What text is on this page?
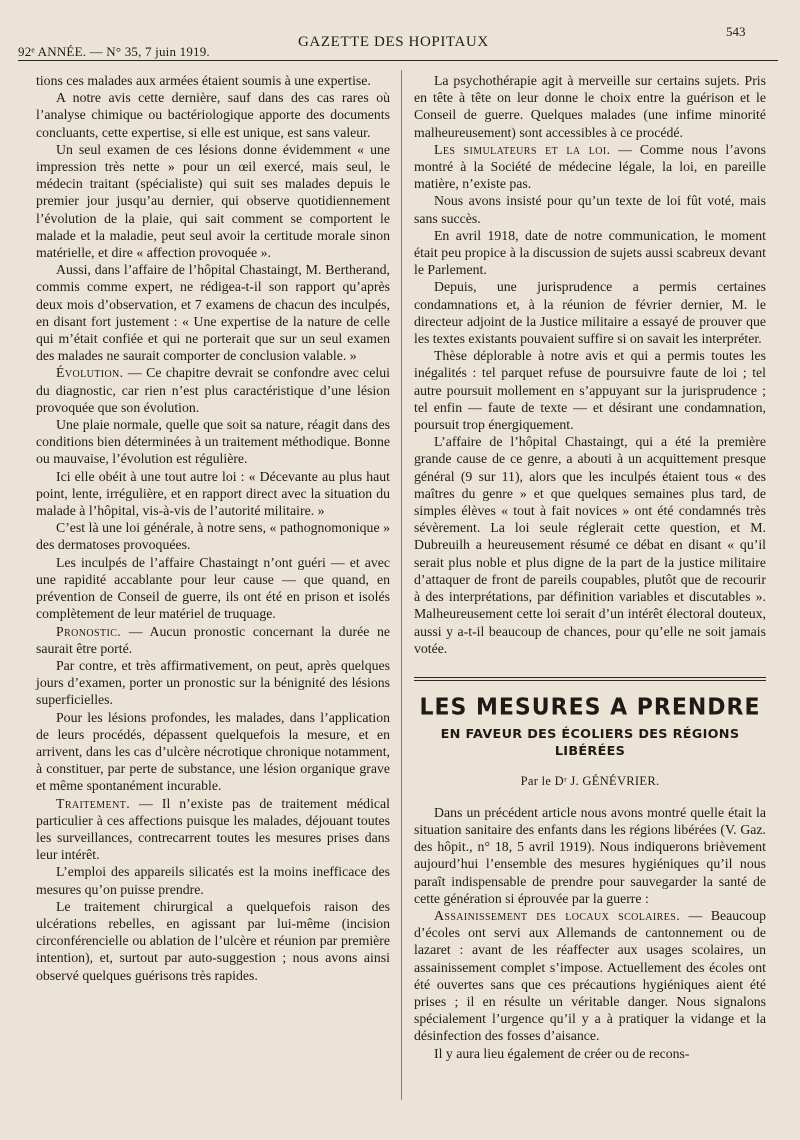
92ᵉ ANNÉE. — N° 35, 7 juin 1919.
GAZETTE DES HOPITAUX
543

tions ces malades aux armées étaient soumis à une expertise.

A notre avis cette dernière, sauf dans des cas rares où l’analyse chimique ou bactériologique apporte des documents concluants, cette expertise, si elle est unique, est sans valeur.

Un seul examen de ces lésions donne évidemment « une impression très nette » pour un œil exercé, mais seul, le médecin traitant (spécialiste) qui suit ses malades depuis le premier jour jusqu’au dernier, qui observe quotidiennement l’évolution de la plaie, qui sait comment se comportent le malade et la maladie, peut seul avoir la certitude morale sinon matérielle, et dire « affection provoquée ».

Aussi, dans l’affaire de l’hôpital Chastaingt, M. Bertherand, commis comme expert, ne rédigea-t-il son rapport qu’après deux mois d’observation, et 7 examens de chacun des inculpés, en disant fort justement : « Une expertise de la nature de celle qui m’était confiée et qui ne porterait que sur un seul examen des malades ne saurait comporter de conclusion valable. »

Évolution. — Ce chapitre devrait se confondre avec celui du diagnostic, car rien n’est plus caractéristique d’une lésion provoquée que son évolution.

Une plaie normale, quelle que soit sa nature, réagit dans des conditions bien déterminées à un traitement méthodique. Bonne ou mauvaise, l’évolution est régulière.

Ici elle obéit à une tout autre loi : « Décevante au plus haut point, lente, irrégulière, et en rapport direct avec la situation du malade à l’hôpital, vis-à-vis de l’autorité militaire. »

C’est là une loi générale, à notre sens, « pathognomonique » des dermatoses provoquées.

Les inculpés de l’affaire Chastaingt n’ont guéri — et avec une rapidité accablante pour leur cause — que quand, en prévention de Conseil de guerre, ils ont été en prison et isolés complètement de leur matériel de truquage.

Pronostic. — Aucun pronostic concernant la durée ne saurait être porté.

Par contre, et très affirmativement, on peut, après quelques jours d’examen, porter un pronostic sur la bénignité des lésions superficielles.

Pour les lésions profondes, les malades, dans l’application de leurs procédés, dépassent quelquefois la mesure, et en arrivent, dans les cas d’ulcère nécrotique chronique notamment, à constituer, par perte de substance, une lésion organique grave et même spontanément incurable.

Traitement. — Il n’existe pas de traitement médical particulier à ces affections puisque les malades, déjouant toutes les surveillances, contrecarrent toutes les mesures prises dans leur intérêt.

L’emploi des appareils silicatés est la moins inefficace des mesures qu’on puisse prendre.

Le traitement chirurgical a quelquefois raison des ulcérations rebelles, en agissant par lui-même (incision circonférencielle ou ablation de l’ulcère et réunion par première intention), et, surtout par auto-suggestion ; nous avons ainsi observé quelques guérisons très rapides.

La psychothérapie agit à merveille sur certains sujets. Pris en tête à tête on leur donne le choix entre la guérison et le Conseil de guerre. Quelques malades (une infime minorité malheureusement) sont accessibles à ce procédé.

Les simulateurs et la loi. — Comme nous l’avons montré à la Société de médecine légale, la loi, en pareille matière, n’existe pas.

Nous avons insisté pour qu’un texte de loi fût voté, mais sans succès.

En avril 1918, date de notre communication, le moment était peu propice à la discussion de sujets aussi scabreux devant le Parlement.

Depuis, une jurisprudence a permis certaines condamnations et, à la réunion de février dernier, M. le directeur adjoint de la Justice militaire a essayé de prouver que les textes existants pouvaient suffire si on savait les interpréter.

Thèse déplorable à notre avis et qui a permis toutes les inégalités : tel parquet refuse de poursuivre faute de loi ; tel autre poursuit mollement en s’appuyant sur la jurisprudence ; tel enfin — faute de texte — et désirant une condamnation, poursuit trop énergiquement.

L’affaire de l’hôpital Chastaingt, qui a été la première grande cause de ce genre, a abouti à un acquittement presque général (9 sur 11), alors que les inculpés étaient tous « des maîtres du genre » et que quelques semaines plus tard, de simples élèves « tout à fait novices » ont été condamnés très sévèrement. La loi seule réglerait cette question, et M. Dubreuilh a heureusement résumé ce débat en disant « qu’il serait plus noble et plus digne de la part de la justice militaire d’attaquer de front de pareils coupables, plutôt que de recourir à des interprétations, par définition variables et discutables ». Malheureusement cette loi serait d’un intérêt électoral douteux, aussi y a-t-il beaucoup de chances, pour qu’elle ne soit jamais votée.

LES MESURES A PRENDRE
EN FAVEUR DES ÉCOLIERS DES RÉGIONS LIBÉRÉES
Par le Dʳ J. GÉNÉVRIER.

Dans un précédent article nous avons montré quelle était la situation sanitaire des enfants dans les régions libérées (V. Gaz. des hôpit., n° 18, 5 avril 1919). Nous indiquerons brièvement aujourd’hui l’ensemble des mesures hygiéniques qu’il nous paraît indispensable de prendre pour sauvegarder la santé de cette génération si éprouvée par la guerre :

Assainissement des locaux scolaires. — Beaucoup d’écoles ont servi aux Allemands de cantonnement ou de lazaret : avant de les réaffecter aux usages scolaires, un assainissement complet s’impose. Actuellement des écoles ont été ouvertes sans que ces précautions hygiéniques aient été prises ; il en résulte un véritable danger. Nous signalons spécialement l’urgence qu’il y a à pratiquer la vidange et la désinfection des fosses d’aisance.

Il y aura lieu également de créer ou de recons-
